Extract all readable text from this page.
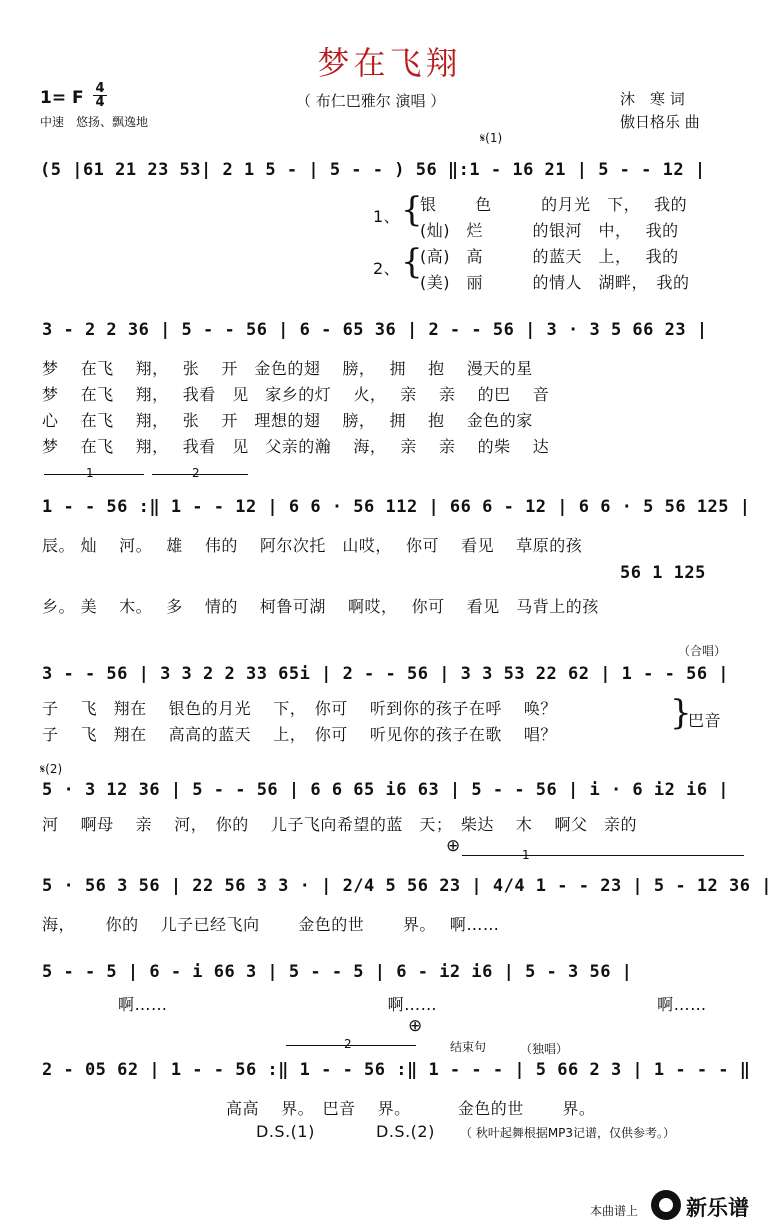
梦在飞翔
1= F 4
4
中速　悠扬、飘逸地
（ 布仁巴雅尔 演唱 ）	沐　寒 词
傲日格乐 曲
𝄋(1)
(5 |61 21 23 53| 2 1 5 - | 5 - - ) 56 ‖:1 - 16 21 | 5 - - 12 |
1、 {
银　　 色　　　的月光　下，　 我的
(灿)　烂　　　的银河　中，　 我的
2、 {
(高)　高　　　的蓝天　上，　 我的
(美)　丽　　　的情人　湖畔，　我的
3 - 2 2 36 | 5 - - 56 | 6 - 65 36 | 2 - - 56 | 3 · 3 5 66 23 |
梦　 在飞　 翔，　 张　 开　金色的翅　 膀，　 拥　 抱　 漫天的星
梦　 在飞　 翔，　 我看　见　家乡的灯　 火，　 亲　 亲　 的巴　 音
心　 在飞　 翔，　 张　 开　理想的翅　 膀，　 拥　 抱　 金色的家
梦　 在飞　 翔，　 我看　见　父亲的瀚　 海，　 亲　 亲　 的柴　 达
1	2
1 - - 56 :‖ 1 - - 12 | 6 6 · 56 112 | 66 6 - 12 | 6 6 · 5 56 125 |
辰。 灿　 河。　 雄　 伟的　 阿尔次托　山哎，　 你可　 看见　 草原的孩
56 1 125
乡。 美　 木。　 多　 情的　 柯鲁可湖　 啊哎，　 你可　 看见　马背上的孩
（合唱）
3 - - 56 | 3 3 2 2 33 65i | 2 - - 56 | 3 3 53 22 62 | 1 - - 56 |
子　 飞　翔在　 银色的月光　 下，　你可　 听到你的孩子在呼　 唤？
子　 飞　翔在　 高高的蓝天　 上，　你可　 听见你的孩子在歌　 唱？
}
巴音
𝄋(2)
5 · 3 12 36 | 5 - - 56 | 6 6 65 i6 63 | 5 - - 56 | i · 6 i2 i6 |
河　 啊母　 亲　 河，　你的　 儿子飞向希望的蓝　天；　柴达　 木　 啊父　亲的
⊕	1
5 · 56 3 56 | 22 56 3 3 · | 2/4 5 56 23 | 4/4 1 - - 23 | 5 - 12 36 |
海，　　 你的　 儿子已经飞向　　 金色的世　　 界。　 啊……
5 - - 5 | 6 - i 66 3 | 5 - - 5 | 6 - i2 i6 | 5 - 3 56 |
啊……　　　　　　　　　　　　　 啊……　　　　　　　　　　　　　 啊……
⊕
2	结束句	（独唱）
2 - 05 62 | 1 - - 56 :‖ 1 - - 56 :‖ 1 - - - | 5 66 2 3 | 1 - - - ‖
高高　 界。　巴音　 界。　　　 金色的世　　 界。
D.S.(1)	D.S.(2) （ 秋叶起舞根据MP3记谱，仅供参考。）
本曲谱上 新乐谱
